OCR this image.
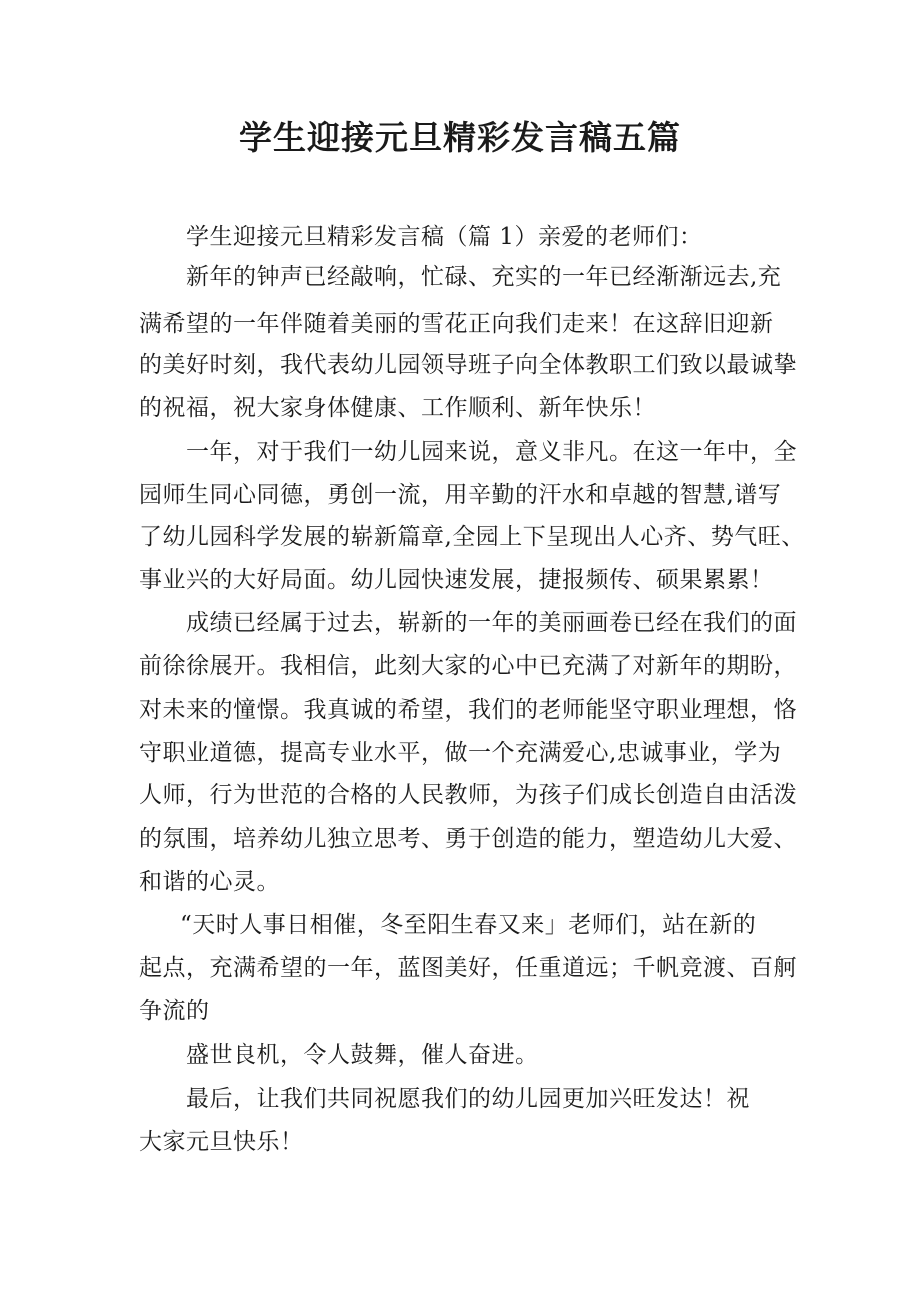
学生迎接元旦精彩发言稿五篇

学生迎接元旦精彩发言稿（篇 1）亲爱的老师们：

新年的钟声已经敲响，忙碌、充实的一年已经渐渐远去,充

满希望的一年伴随着美丽的雪花正向我们走来！在这辞旧迎新

的美好时刻，我代表幼儿园领导班子向全体教职工们致以最诚挚

的祝福，祝大家身体健康、工作顺利、新年快乐！

一年，对于我们一幼儿园来说，意义非凡。在这一年中，全

园师生同心同德，勇创一流，用辛勤的汗水和卓越的智慧,谱写

了幼儿园科学发展的崭新篇章,全园上下呈现出人心齐、势气旺、

事业兴的大好局面。幼儿园快速发展，捷报频传、硕果累累！

成绩已经属于过去，崭新的一年的美丽画卷已经在我们的面

前徐徐展开。我相信，此刻大家的心中已充满了对新年的期盼，

对未来的憧憬。我真诚的希望，我们的老师能坚守职业理想，恪

守职业道德，提高专业水平，做一个充满爱心,忠诚事业，学为

人师，行为世范的合格的人民教师，为孩子们成长创造自由活泼

的氛围，培养幼儿独立思考、勇于创造的能力，塑造幼儿大爱、

和谐的心灵。

“天时人事日相催，冬至阳生春又来」老师们，站在新的

起点，充满希望的一年，蓝图美好，任重道远；千帆竞渡、百舸

争流的

盛世良机，令人鼓舞，催人奋进。

最后，让我们共同祝愿我们的幼儿园更加兴旺发达！祝

大家元旦快乐！
